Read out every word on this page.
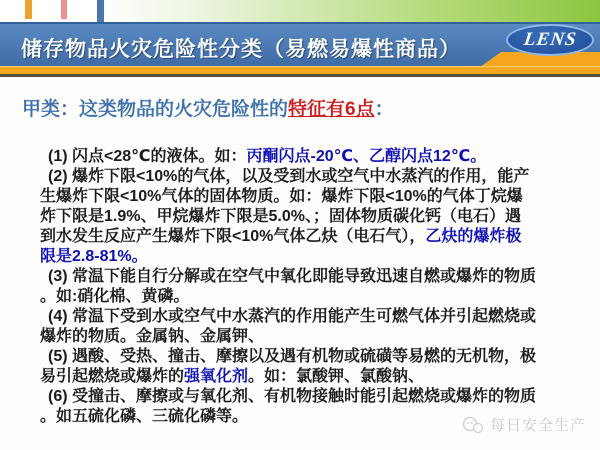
储存物品火灾危险性分类（易燃易爆性商品）	LENS
甲类：这类物品的火灾危险性的特征有6点：
(1) 闪点<28℃的液体。如：丙酮闪点-20℃、乙醇闪点12℃。
(2) 爆炸下限<10%的气体，以及受到水或空气中水蒸汽的作用，能产
生爆炸下限<10%气体的固体物质。如：爆炸下限<10%的气体丁烷爆
炸下限是1.9%、甲烷爆炸下限是5.0%、；固体物质碳化钙（电石）遇
到水发生反应产生爆炸下限<10%气体乙炔（电石气），乙炔的爆炸极
限是2.8-81%。
(3) 常温下能自行分解或在空气中氧化即能导致迅速自燃或爆炸的物质
。如:硝化棉、黄磷。
(4) 常温下受到水或空气中水蒸汽的作用能产生可燃气体并引起燃烧或
爆炸的物质。金属钠、金属钾、
(5) 遇酸、受热、撞击、摩擦以及遇有机物或硫磺等易燃的无机物，极
易引起燃烧或爆炸的强氧化剂。如：氯酸钾、氯酸钠、
(6) 受撞击、摩擦或与氧化剂、有机物接触时能引起燃烧或爆炸的物质
。如五硫化磷、三硫化磷等。
每日安全生产
